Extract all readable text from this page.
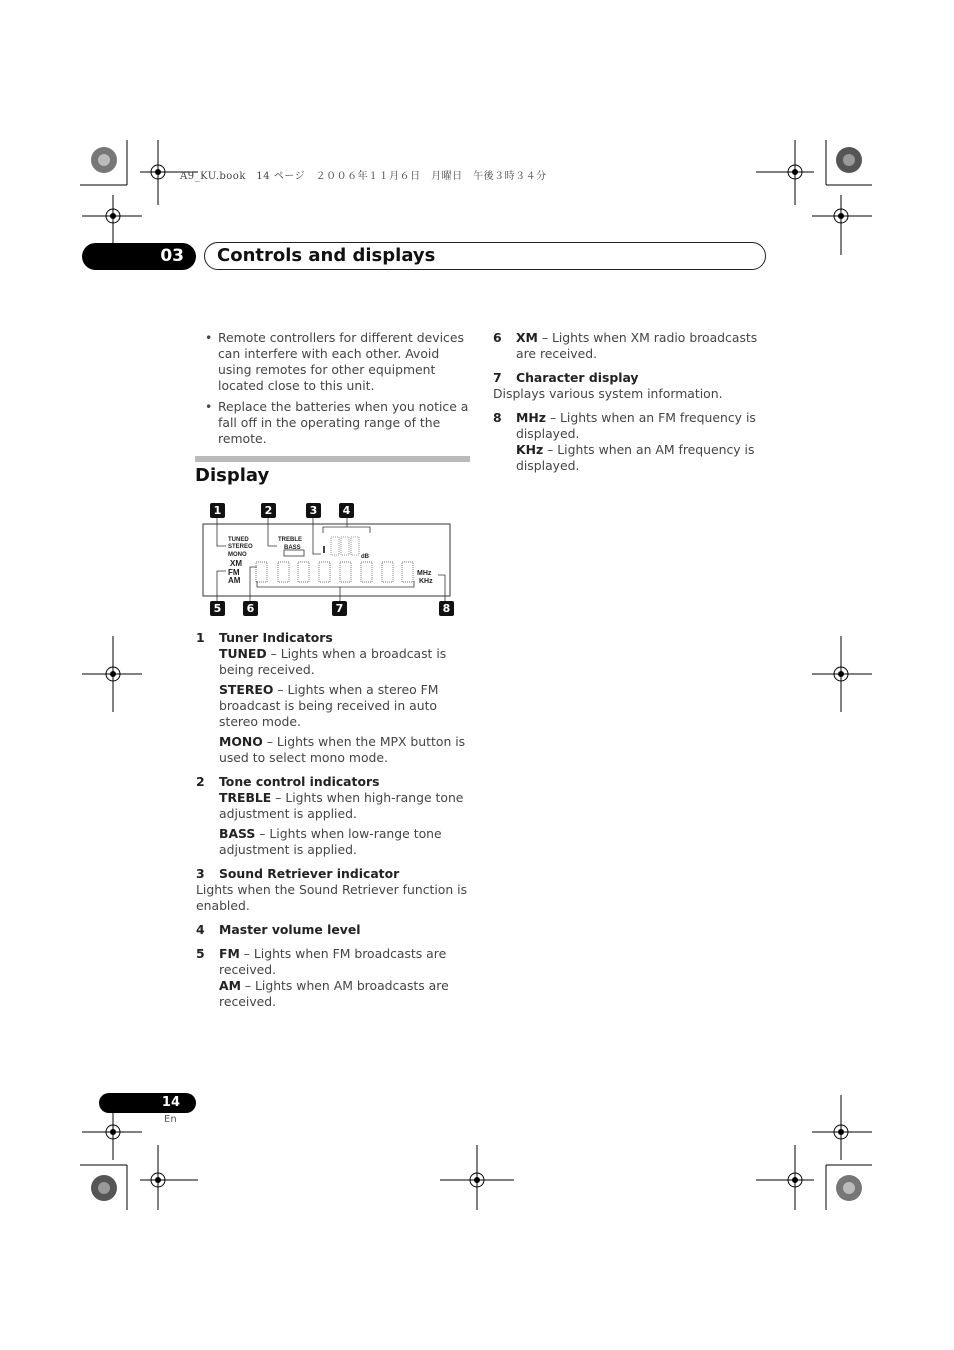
A9_KU.book　14 ページ　２００６年１１月６日　月曜日　午後３時３４分
03	Controls and displays
• Remote controllers for different devices can interfere with each other. Avoid using remotes for other equipment located close to this unit.
• Replace the batteries when you notice a fall off in the operating range of the remote.
Display
1	2	3	4
5	6	7	8
TUNED
STEREO
MONO
TREBLE
BASS
XM
FM
AM
dB
MHz
KHz
1	Tuner Indicators

TUNED – Lights when a broadcast is being received.

STEREO – Lights when a stereo FM broadcast is being received in auto stereo mode.

MONO – Lights when the MPX button is used to select mono mode.

2	Tone control indicators

TREBLE – Lights when high-range tone adjustment is applied.

BASS – Lights when low-range tone adjustment is applied.

3	Sound Retriever indicator

Lights when the Sound Retriever function is enabled.

4	Master volume level
5 FM – Lights when FM broadcasts are received.

AM – Lights when AM broadcasts are received.

6 XM – Lights when XM radio broadcasts are received.

7	Character display

Displays various system information.

8 MHz – Lights when an FM frequency is displayed.

KHz – Lights when an AM frequency is displayed.

14
En
